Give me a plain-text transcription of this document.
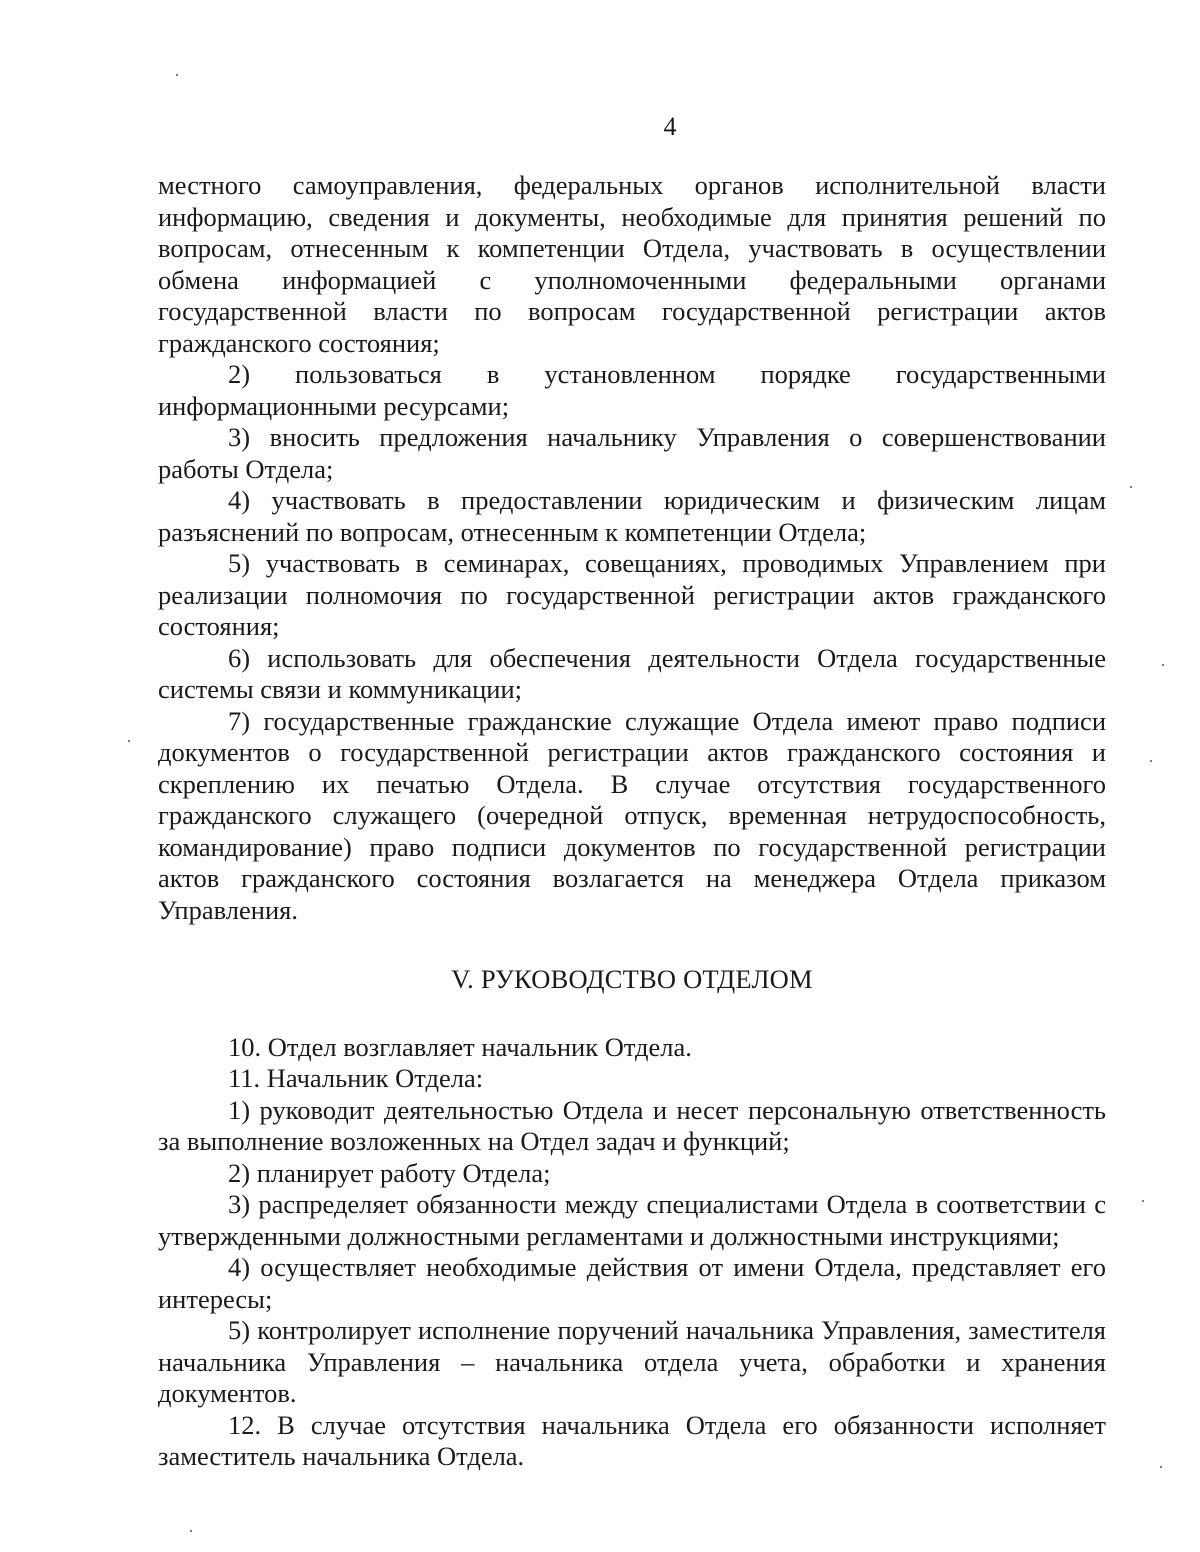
4

местного самоуправления, федеральных органов исполнительной власти информацию, сведения и документы, необходимые для принятия решений по вопросам, отнесенным к компетенции Отдела, участвовать в осуществлении обмена информацией с уполномоченными федеральными органами государственной власти по вопросам государственной регистрации актов гражданского состояния;

2) пользоваться в установленном порядке государственными информационными ресурсами;

3) вносить предложения начальнику Управления о совершенствовании работы Отдела;

4) участвовать в предоставлении юридическим и физическим лицам разъяснений по вопросам, отнесенным к компетенции Отдела;

5) участвовать в семинарах, совещаниях, проводимых Управлением при реализации полномочия по государственной регистрации актов гражданского состояния;

6) использовать для обеспечения деятельности Отдела государственные системы связи и коммуникации;

7) государственные гражданские служащие Отдела имеют право подписи документов о государственной регистрации актов гражданского состояния и скреплению их печатью Отдела. В случае отсутствия государственного гражданского служащего (очередной отпуск, временная нетрудоспособность, командирование) право подписи документов по государственной регистрации актов гражданского состояния возлагается на менеджера Отдела приказом Управления.

V. РУКОВОДСТВО ОТДЕЛОМ

10. Отдел возглавляет начальник Отдела.

11. Начальник Отдела:

1) руководит деятельностью Отдела и несет персональную ответственность за выполнение возложенных на Отдел задач и функций;

2) планирует работу Отдела;

3) распределяет обязанности между специалистами Отдела в соответствии с утвержденными должностными регламентами и должностными инструкциями;

4) осуществляет необходимые действия от имени Отдела, представляет его интересы;

5) контролирует исполнение поручений начальника Управления, заместителя начальника Управления – начальника отдела учета, обработки и хранения документов.

12. В случае отсутствия начальника Отдела его обязанности исполняет заместитель начальника Отдела.
